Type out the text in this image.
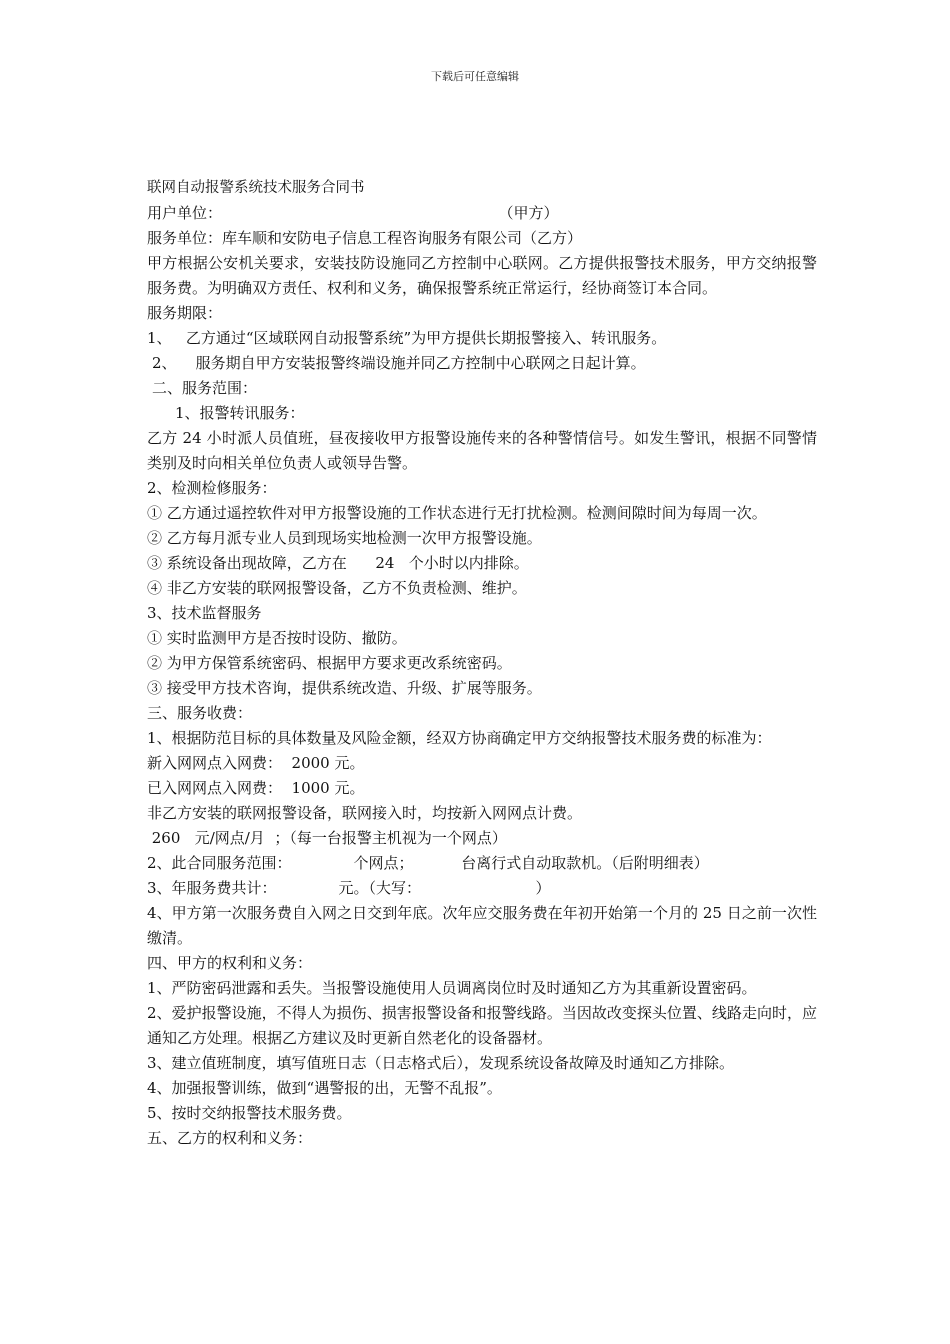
下载后可任意编辑
联网自动报警系统技术服务合同书
用户单位：                                                          （甲方）
服务单位：库车顺和安防电子信息工程咨询服务有限公司（乙方）
甲方根据公安机关要求，安装技防设施同乙方控制中心联网。乙方提供报警技术服务，甲方交纳报警服务费。为明确双方责任、权利和义务，确保报警系统正常运行，经协商签订本合同。
服务期限：
1、   乙方通过“区域联网自动报警系统”为甲方提供长期报警接入、转讯服务。
2、    服务期自甲方安装报警终端设施并同乙方控制中心联网之日起计算。
二、服务范围：
1、报警转讯服务：
乙方 24 小时派人员值班，昼夜接收甲方报警设施传来的各种警情信号。如发生警讯，根据不同警情类别及时向相关单位负责人或领导告警。
2、检测检修服务：
① 乙方通过遥控软件对甲方报警设施的工作状态进行无打扰检测。检测间隙时间为每周一次。
② 乙方每月派专业人员到现场实地检测一次甲方报警设施。
③ 系统设备出现故障，乙方在      24   个小时以内排除。
④ 非乙方安装的联网报警设备，乙方不负责检测、维护。
3、技术监督服务
① 实时监测甲方是否按时设防、撤防。
② 为甲方保管系统密码、根据甲方要求更改系统密码。
③ 接受甲方技术咨询，提供系统改造、升级、扩展等服务。
三、服务收费：
1、根据防范目标的具体数量及风险金额，经双方协商确定甲方交纳报警技术服务费的标准为：
新入网网点入网费：  2000 元。
已入网网点入网费：  1000 元。
非乙方安装的联网报警设备，联网接入时，均按新入网网点计费。
260   元/网点/月  ；（每一台报警主机视为一个网点）
2、此合同服务范围：             个网点；          台离行式自动取款机。（后附明细表）
3、年服务费共计：             元。（大写：                        ）
4、甲方第一次服务费自入网之日交到年底。次年应交服务费在年初开始第一个月的 25 日之前一次性缴清。
四、甲方的权利和义务：
1、严防密码泄露和丢失。当报警设施使用人员调离岗位时及时通知乙方为其重新设置密码。
2、爱护报警设施，不得人为损伤、损害报警设备和报警线路。当因故改变探头位置、线路走向时，应通知乙方处理。根据乙方建议及时更新自然老化的设备器材。
3、建立值班制度，填写值班日志（日志格式后），发现系统设备故障及时通知乙方排除。
4、加强报警训练，做到“遇警报的出，无警不乱报”。
5、按时交纳报警技术服务费。
五、乙方的权利和义务：
